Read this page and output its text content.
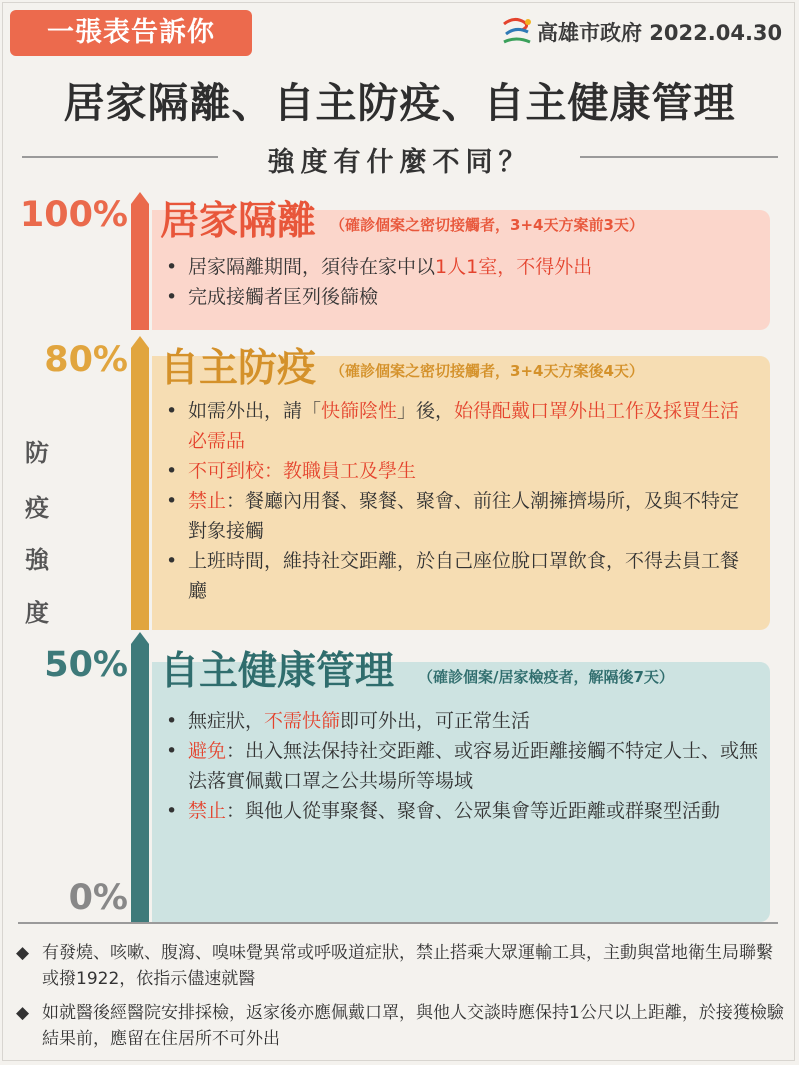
一張表告訴你	高雄市政府 2022.04.30
居家隔離、自主防疫、自主健康管理
強度有什麼不同？
防
疫
強
度
100%
80%
50%
0%
居家隔離 （確診個案之密切接觸者，3+4天方案前3天）
• 居家隔離期間，須待在家中以1人1室，不得外出
• 完成接觸者匡列後篩檢
自主防疫 （確診個案之密切接觸者，3+4天方案後4天）
• 如需外出，請「快篩陰性」後，始得配戴口罩外出工作及採買生活必需品
• 不可到校：教職員工及學生
• 禁止：餐廳內用餐、聚餐、聚會、前往人潮擁擠場所，及與不特定對象接觸
• 上班時間，維持社交距離，於自己座位脫口罩飲食，不得去員工餐廳
自主健康管理 （確診個案/居家檢疫者，解隔後7天）
• 無症狀，不需快篩即可外出，可正常生活
• 避免：出入無法保持社交距離、或容易近距離接觸不特定人士、或無法落實佩戴口罩之公共場所等場域
• 禁止：與他人從事聚餐、聚會、公眾集會等近距離或群聚型活動
◆ 有發燒、咳嗽、腹瀉、嗅味覺異常或呼吸道症狀，禁止搭乘大眾運輸工具，主動與當地衛生局聯繫或撥1922，依指示儘速就醫
◆ 如就醫後經醫院安排採檢，返家後亦應佩戴口罩，與他人交談時應保持1公尺以上距離，於接獲檢驗結果前，應留在住居所不可外出
